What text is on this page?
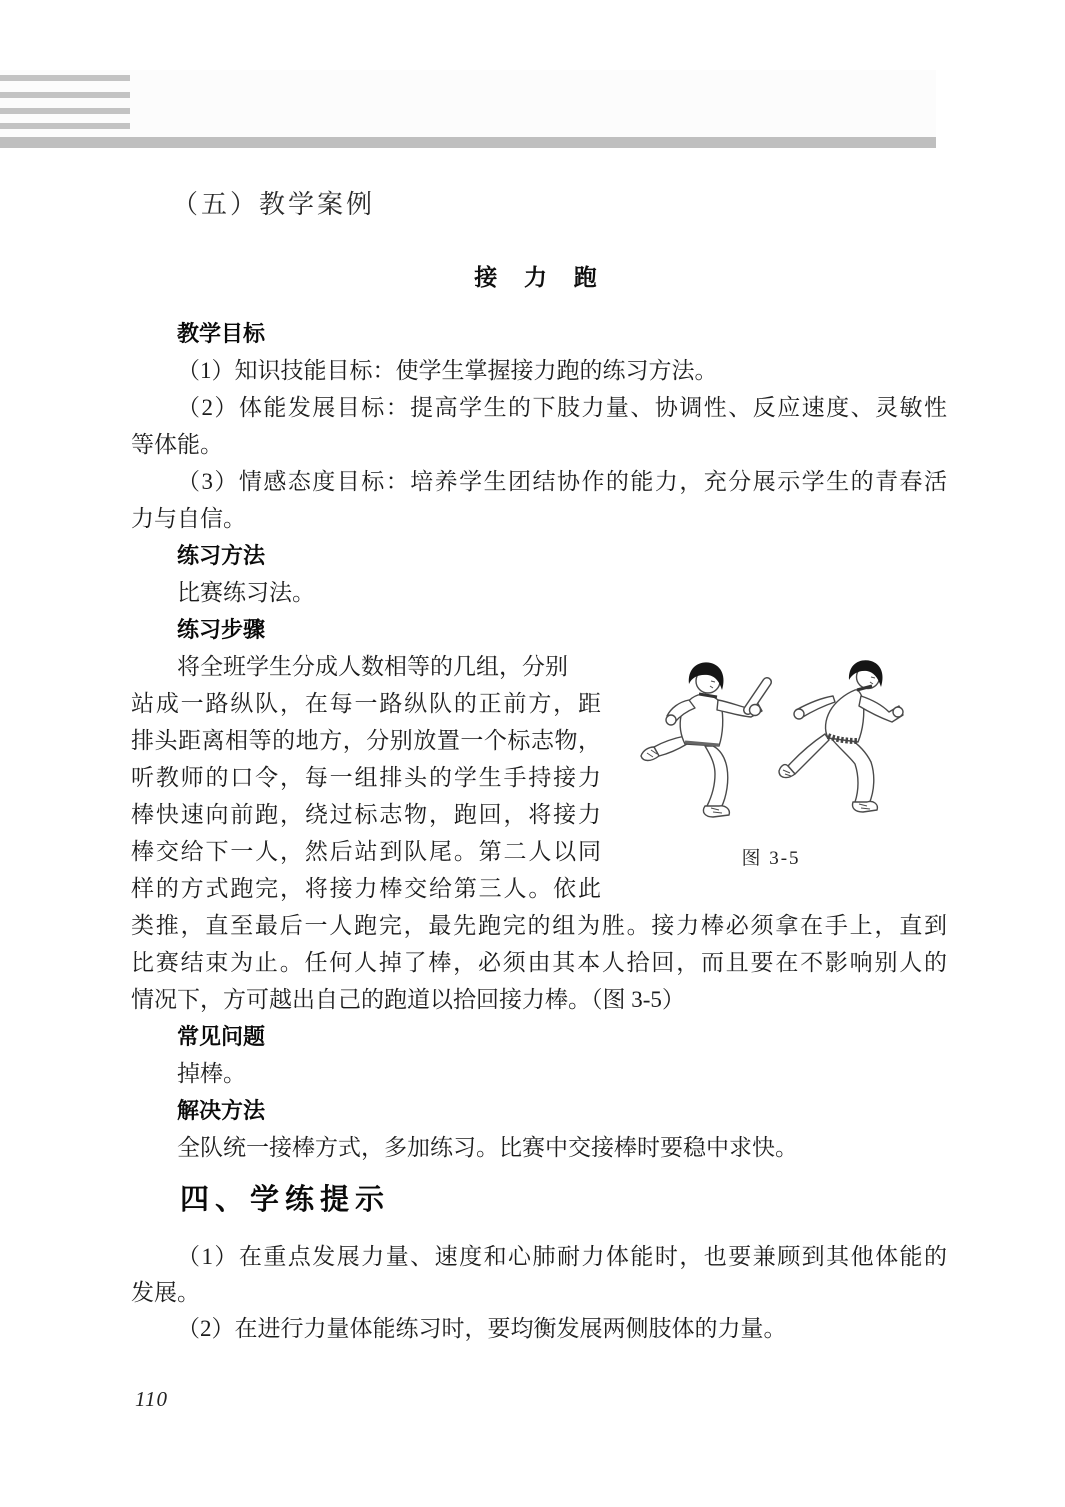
（五）教学案例
接 力 跑
教学目标
（1）知识技能目标：使学生掌握接力跑的练习方法。
（2）体能发展目标：提高学生的下肢力量、协调性、反应速度、灵敏性
等体能。
（3）情感态度目标：培养学生团结协作的能力，充分展示学生的青春活
力与自信。
练习方法
比赛练习法。
练习步骤
将全班学生分成人数相等的几组，分别
站成一路纵队，在每一路纵队的正前方，距
排头距离相等的地方，分别放置一个标志物，
听教师的口令，每一组排头的学生手持接力
棒快速向前跑，绕过标志物，跑回，将接力
棒交给下一人，然后站到队尾。第二人以同
样的方式跑完，将接力棒交给第三人。依此
类推，直至最后一人跑完，最先跑完的组为胜。接力棒必须拿在手上，直到
比赛结束为止。任何人掉了棒，必须由其本人拾回，而且要在不影响别人的
情况下，方可越出自己的跑道以拾回接力棒。（图 3-5）
图 3-5
常见问题
掉棒。
解决方法
全队统一接棒方式，多加练习。比赛中交接棒时要稳中求快。
四、学练提示
（1）在重点发展力量、速度和心肺耐力体能时，也要兼顾到其他体能的
发展。
（2）在进行力量体能练习时，要均衡发展两侧肢体的力量。
110
